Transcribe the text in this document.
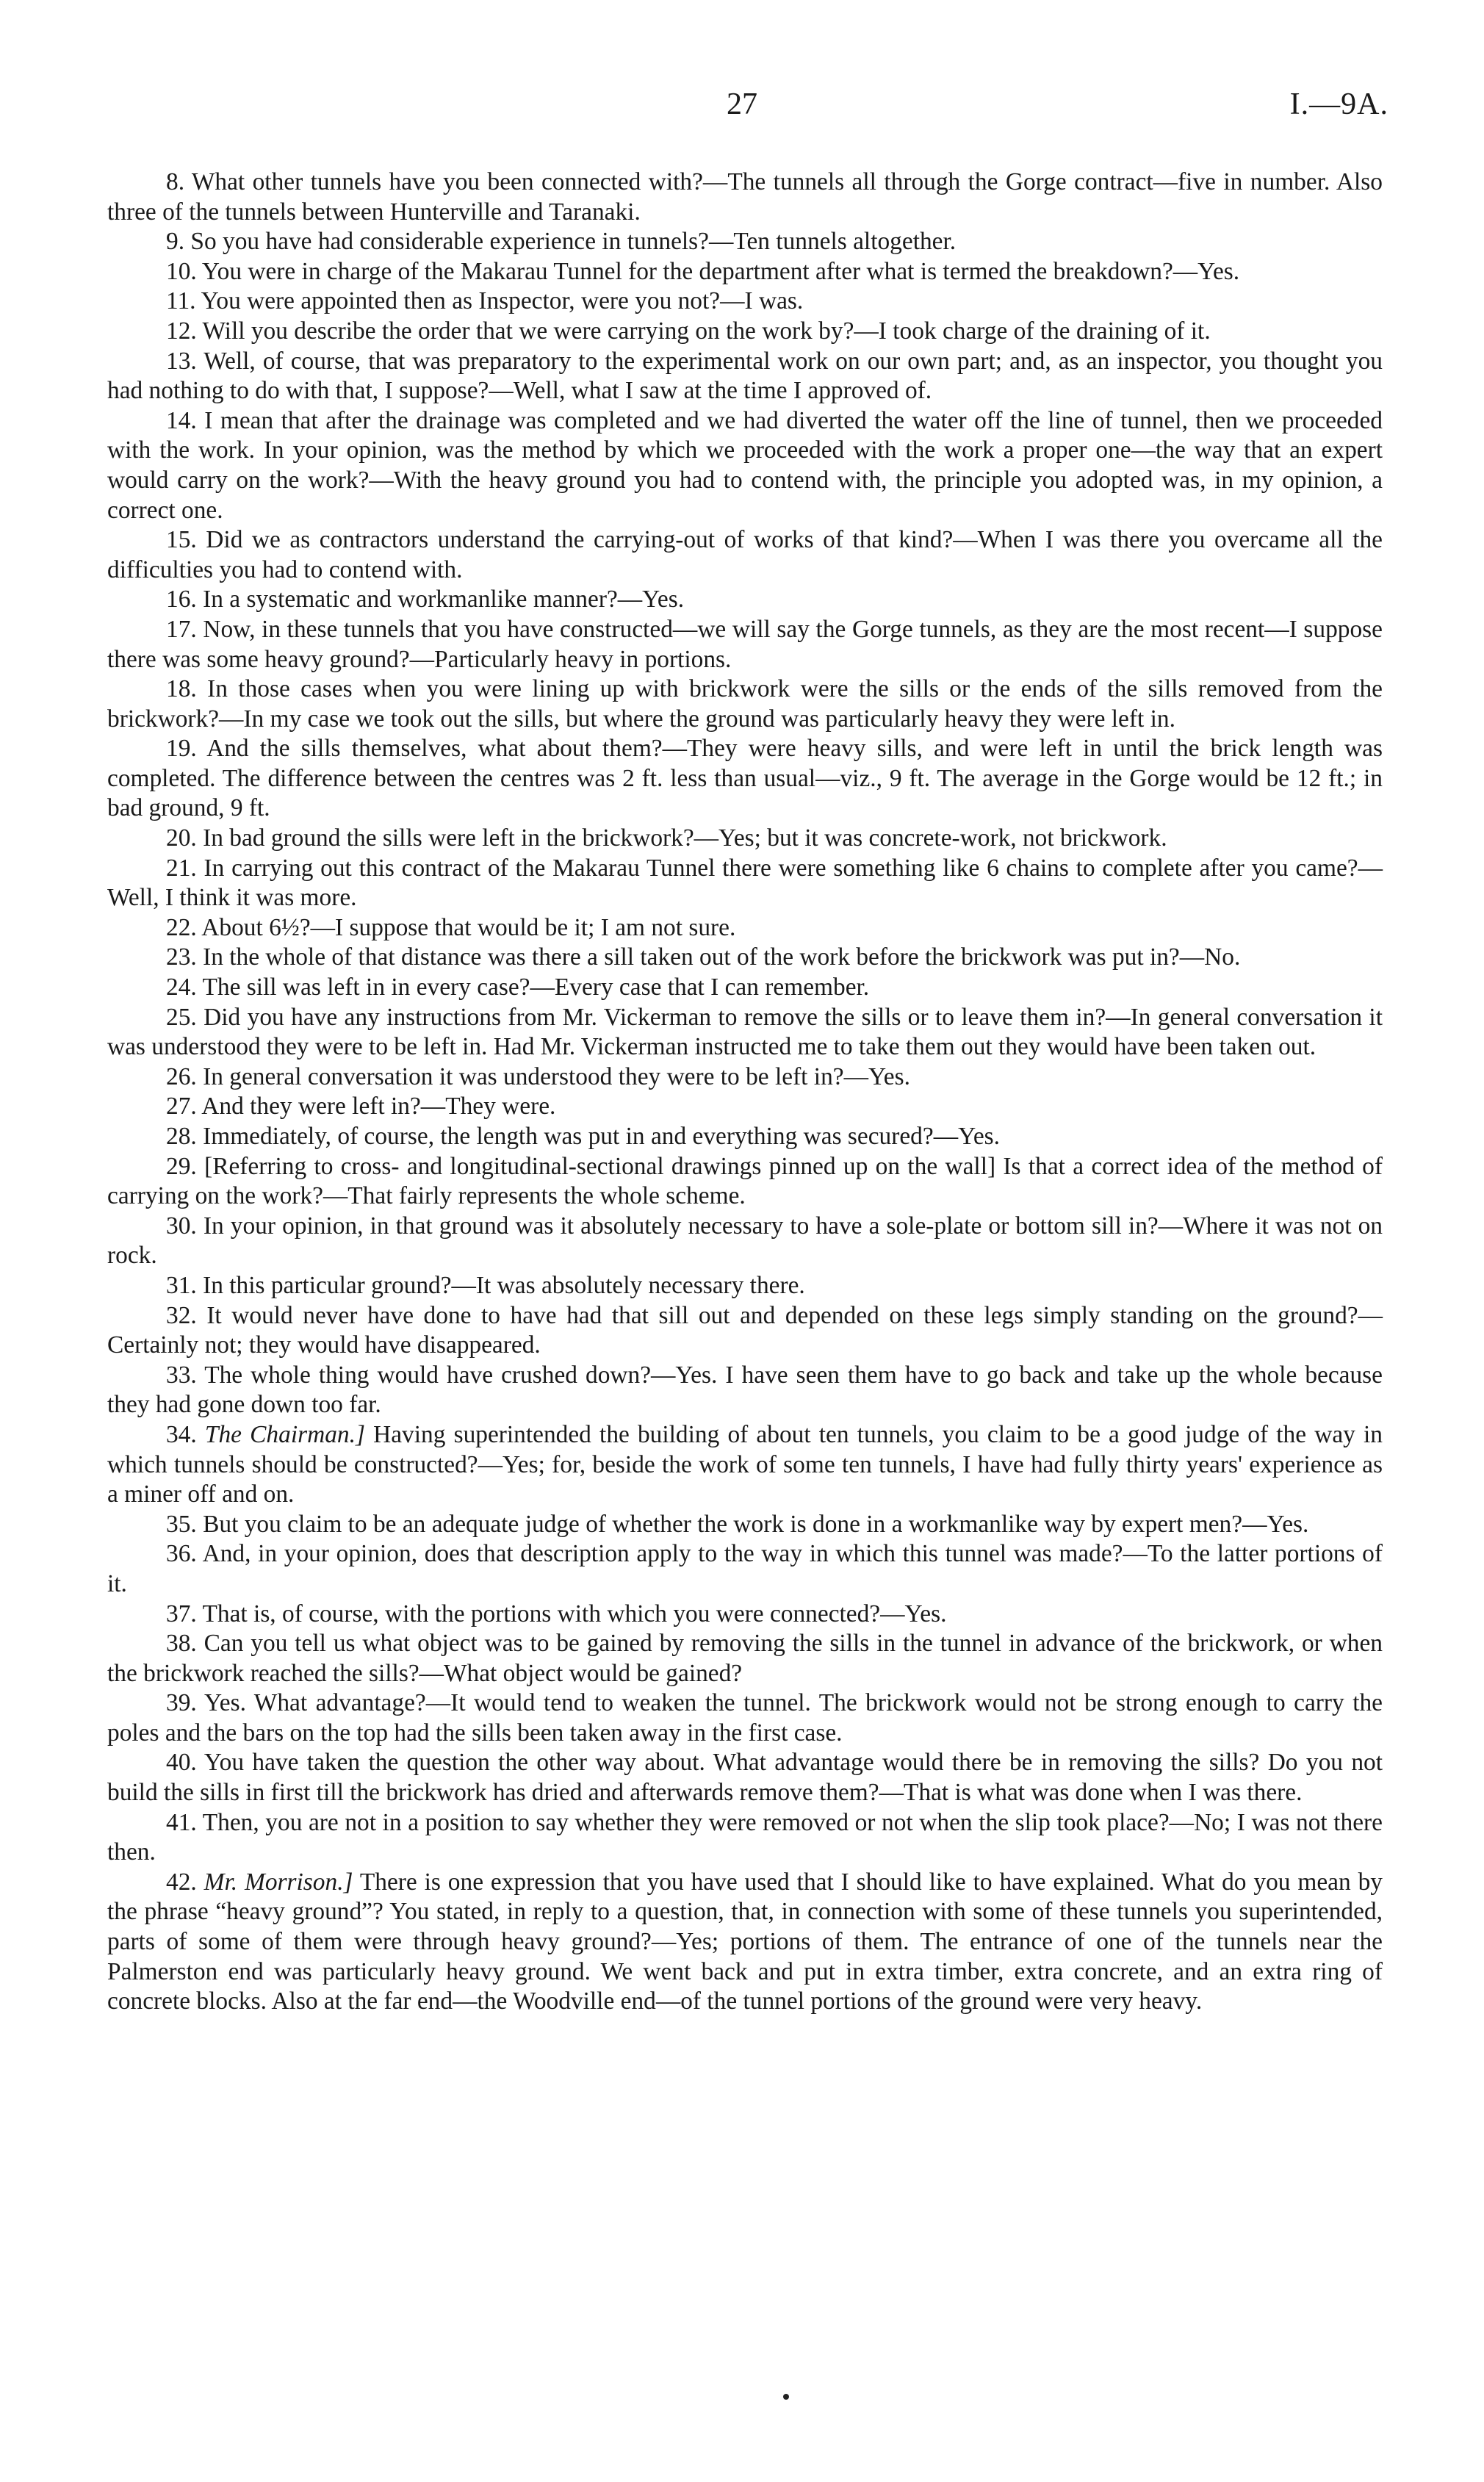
27	I.—9A.

8. What other tunnels have you been connected with?—The tunnels all through the Gorge contract—five in number. Also three of the tunnels between Hunterville and Taranaki.

9. So you have had considerable experience in tunnels?—Ten tunnels altogether.

10. You were in charge of the Makarau Tunnel for the department after what is termed the breakdown?—Yes.

11. You were appointed then as Inspector, were you not?—I was.

12. Will you describe the order that we were carrying on the work by?—I took charge of the draining of it.

13. Well, of course, that was preparatory to the experimental work on our own part; and, as an inspector, you thought you had nothing to do with that, I suppose?—Well, what I saw at the time I approved of.

14. I mean that after the drainage was completed and we had diverted the water off the line of tunnel, then we proceeded with the work. In your opinion, was the method by which we proceeded with the work a proper one—the way that an expert would carry on the work?—With the heavy ground you had to contend with, the principle you adopted was, in my opinion, a correct one.

15. Did we as contractors understand the carrying-out of works of that kind?—When I was there you overcame all the difficulties you had to contend with.

16. In a systematic and workmanlike manner?—Yes.

17. Now, in these tunnels that you have constructed—we will say the Gorge tunnels, as they are the most recent—I suppose there was some heavy ground?—Particularly heavy in portions.

18. In those cases when you were lining up with brickwork were the sills or the ends of the sills removed from the brickwork?—In my case we took out the sills, but where the ground was particularly heavy they were left in.

19. And the sills themselves, what about them?—They were heavy sills, and were left in until the brick length was completed. The difference between the centres was 2 ft. less than usual—viz., 9 ft. The average in the Gorge would be 12 ft.; in bad ground, 9 ft.

20. In bad ground the sills were left in the brickwork?—Yes; but it was concrete-work, not brickwork.

21. In carrying out this contract of the Makarau Tunnel there were something like 6 chains to complete after you came?—Well, I think it was more.

22. About 6½?—I suppose that would be it; I am not sure.

23. In the whole of that distance was there a sill taken out of the work before the brickwork was put in?—No.

24. The sill was left in in every case?—Every case that I can remember.

25. Did you have any instructions from Mr. Vickerman to remove the sills or to leave them in?—In general conversation it was understood they were to be left in. Had Mr. Vickerman instructed me to take them out they would have been taken out.

26. In general conversation it was understood they were to be left in?—Yes.

27. And they were left in?—They were.

28. Immediately, of course, the length was put in and everything was secured?—Yes.

29. [Referring to cross- and longitudinal-sectional drawings pinned up on the wall] Is that a correct idea of the method of carrying on the work?—That fairly represents the whole scheme.

30. In your opinion, in that ground was it absolutely necessary to have a sole-plate or bottom sill in?—Where it was not on rock.

31. In this particular ground?—It was absolutely necessary there.

32. It would never have done to have had that sill out and depended on these legs simply standing on the ground?—Certainly not; they would have disappeared.

33. The whole thing would have crushed down?—Yes. I have seen them have to go back and take up the whole because they had gone down too far.

34. The Chairman.] Having superintended the building of about ten tunnels, you claim to be a good judge of the way in which tunnels should be constructed?—Yes; for, beside the work of some ten tunnels, I have had fully thirty years' experience as a miner off and on.

35. But you claim to be an adequate judge of whether the work is done in a workmanlike way by expert men?—Yes.

36. And, in your opinion, does that description apply to the way in which this tunnel was made?—To the latter portions of it.

37. That is, of course, with the portions with which you were connected?—Yes.

38. Can you tell us what object was to be gained by removing the sills in the tunnel in advance of the brickwork, or when the brickwork reached the sills?—What object would be gained?

39. Yes. What advantage?—It would tend to weaken the tunnel. The brickwork would not be strong enough to carry the poles and the bars on the top had the sills been taken away in the first case.

40. You have taken the question the other way about. What advantage would there be in removing the sills? Do you not build the sills in first till the brickwork has dried and afterwards remove them?—That is what was done when I was there.

41. Then, you are not in a position to say whether they were removed or not when the slip took place?—No; I was not there then.

42. Mr. Morrison.] There is one expression that you have used that I should like to have explained. What do you mean by the phrase “heavy ground”? You stated, in reply to a question, that, in connection with some of these tunnels you superintended, parts of some of them were through heavy ground?—Yes; portions of them. The entrance of one of the tunnels near the Palmerston end was particularly heavy ground. We went back and put in extra timber, extra concrete, and an extra ring of concrete blocks. Also at the far end—the Woodville end—of the tunnel portions of the ground were very heavy.
